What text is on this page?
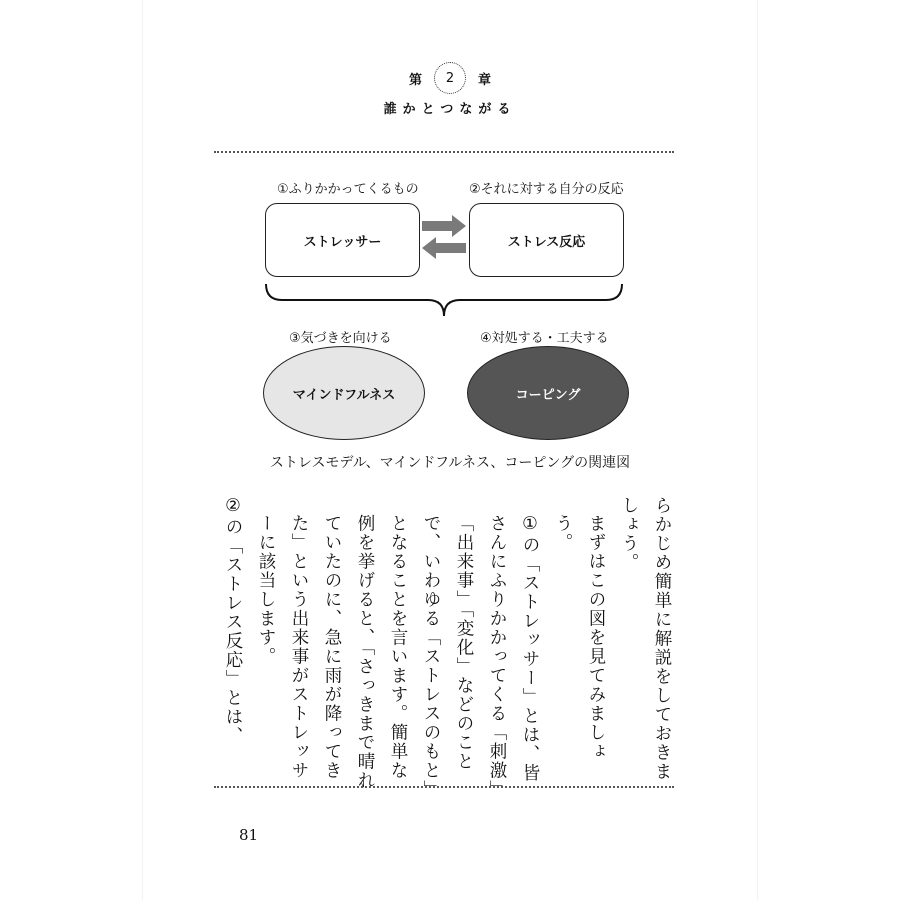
第	2	章
誰かとつながる
①ふりかかってくるもの	②それに対する自分の反応
ストレッサー	ストレス反応
③気づきを向ける	④対処する・工夫する
マインドフルネス	コーピング
ストレスモデル、マインドフルネス、コーピングの関連図

らかじめ簡単に解説をしておきましょう。

まずはこの図を見てみましょう。

①の「ストレッサー」とは、皆さんにふりかかってくる「刺激」「出来事」「変化」などのことで、いわゆる「ストレスのもと」となることを言います。簡単な例を挙げると、「さっきまで晴れていたのに、急に雨が降ってきた」という出来事がストレッサーに該当します。

②の「ストレス反応」とは、

81
